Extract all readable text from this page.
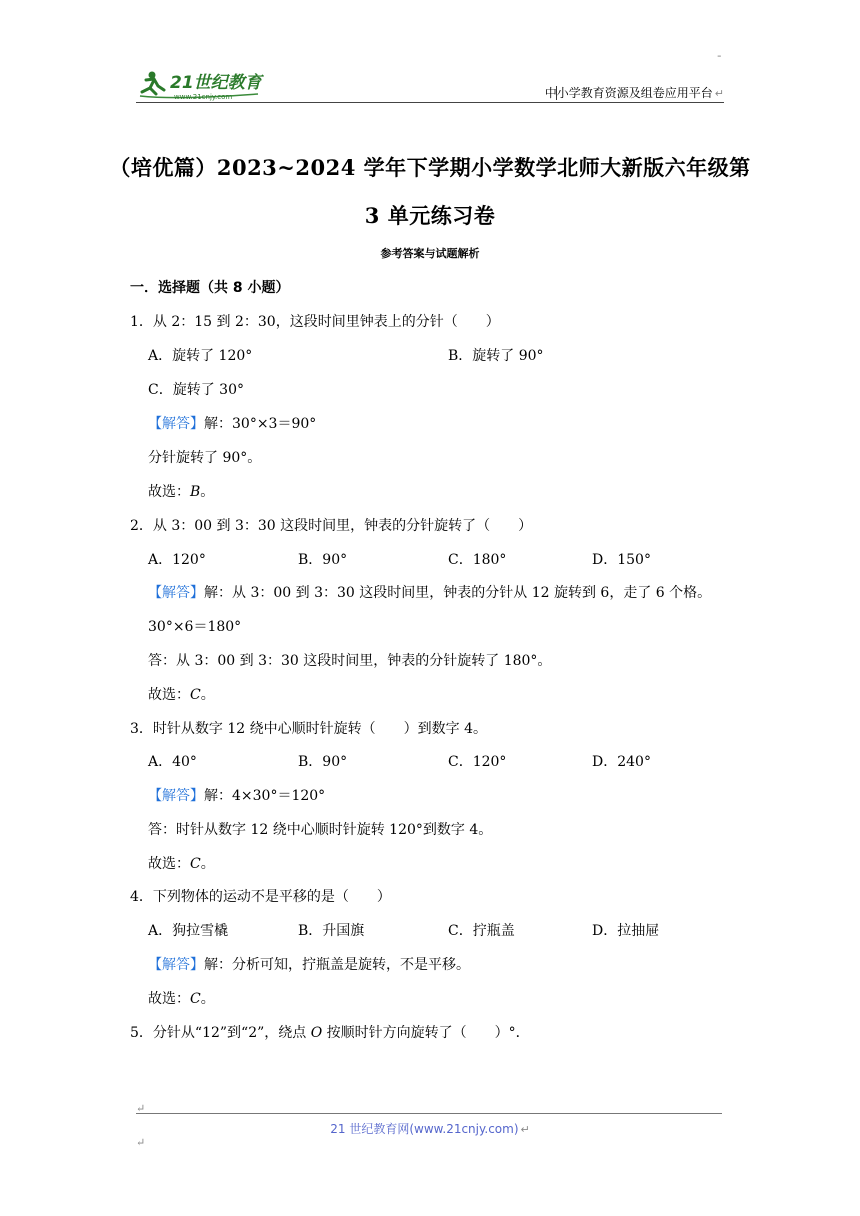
ˉ
21世纪教育
www.21cnjy.com	中小学教育资源及组卷应用平台 ↵
（培优篇）2023~2024 学年下学期小学数学北师大新版六年级第
3 单元练习卷
参考答案与试题解析
一．选择题（共 8 小题）
1．从 2：15 到 2：30，这段时间里钟表上的分针（　　）
A．旋转了 120°	B．旋转了 90°
C．旋转了 30°
【解答】解：30°×3＝90°
分针旋转了 90°。
故选：B。
2．从 3：00 到 3：30 这段时间里，钟表的分针旋转了（　　）
A．120°	B．90°	C．180°	D．150°
【解答】解：从 3：00 到 3：30 这段时间里，钟表的分针从 12 旋转到 6，走了 6 个格。
30°×6＝180°
答：从 3：00 到 3：30 这段时间里，钟表的分针旋转了 180°。
故选：C。
3．时针从数字 12 绕中心顺时针旋转（　　）到数字 4。
A．40°	B．90°	C．120°	D．240°
【解答】解：4×30°＝120°
答：时针从数字 12 绕中心顺时针旋转 120°到数字 4。
故选：C。
4．下列物体的运动不是平移的是（　　）
A．狗拉雪橇	B．升国旗	C．拧瓶盖	D．拉抽屉
【解答】解：分析可知，拧瓶盖是旋转，不是平移。
故选：C。
5．分针从“12”到“2”，绕点 O 按顺时针方向旋转了（　　）°．
↵
21 世纪教育网(www.21cnjy.com) ↵
↵
